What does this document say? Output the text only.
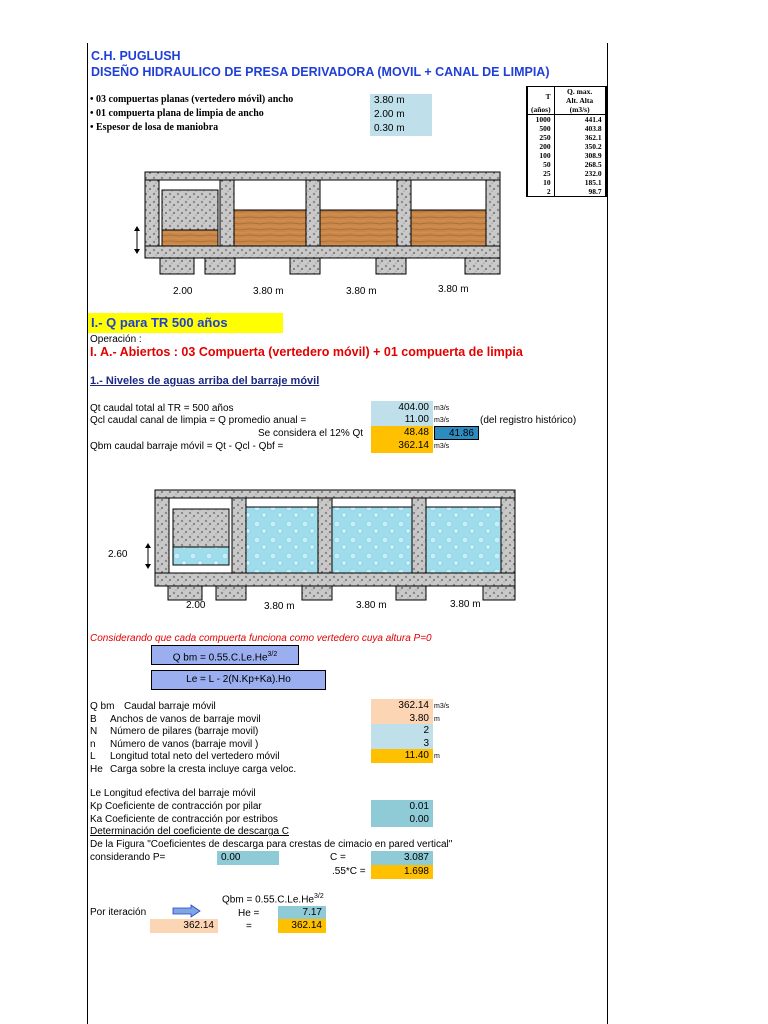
C.H. PUGLUSH
DISEÑO HIDRAULICO DE PRESA DERIVADORA (MOVIL + CANAL DE LIMPIA)
• 03 compuertas planas (vertedero móvil) ancho	3.80 m
• 01 compuerta plana de limpia de ancho	2.00 m
• Espesor de losa de maniobra	0.30 m
T	Q. max. Alt. Alta
(años)	(m3/s)
1000	441.4
500	403.8
250	362.1
200	350.2
100	308.9
50	268.5
25	232.0
10	185.1
2	98.7
2.00	3.80 m	3.80 m	3.80 m
I.- Q para TR 500 años
Operación :
I. A.- Abiertos : 03 Compuerta (vertedero móvil) + 01 compuerta de limpia
1.- Niveles de aguas arriba del barraje móvil
Qt caudal total al TR = 500 años	404.00 m3/s
Qcl caudal canal de limpia = Q promedio anual =	11.00 m3/s	(del registro histórico)
Se considera el 12% Qt	48.48	41.86
Qbm caudal barraje móvil = Qt - Qcl - Qbf =	362.14 m3/s
2.60
2.00	3.80 m	3.80 m	3.80 m
Considerando que cada compuerta funciona como vertedero cuya altura P=0
Q bm = $0.55.C.Le.He^{3/2}$
Le = L - 2(N.Kp+Ka).Ho
Q bm Caudal barraje móvil	362.14 m3/s
B Anchos de vanos de barraje movil	3.80 m
N Número de pilares (barraje movil)	2
n Número de vanos (barraje movil )	3
L Longitud total neto del vertedero móvil	11.40 m
He Carga sobre la cresta incluye carga veloc.
Le Longitud efectiva del barraje móvil
Kp Coeficiente de contracción por pilar	0.01
Ka Coeficiente de contracción por estribos	0.00
Determinación del coeficiente de descarga C
De la Figura "Coeficientes de descarga para crestas de cimacio en pared vertical"
considerando P=	0.00	C =	3.087
.55*C =	1.698
Qbm = $0.55.C.Le.He^{3/2}$
Por iteración	He =	7.17
362.14	=	362.14
